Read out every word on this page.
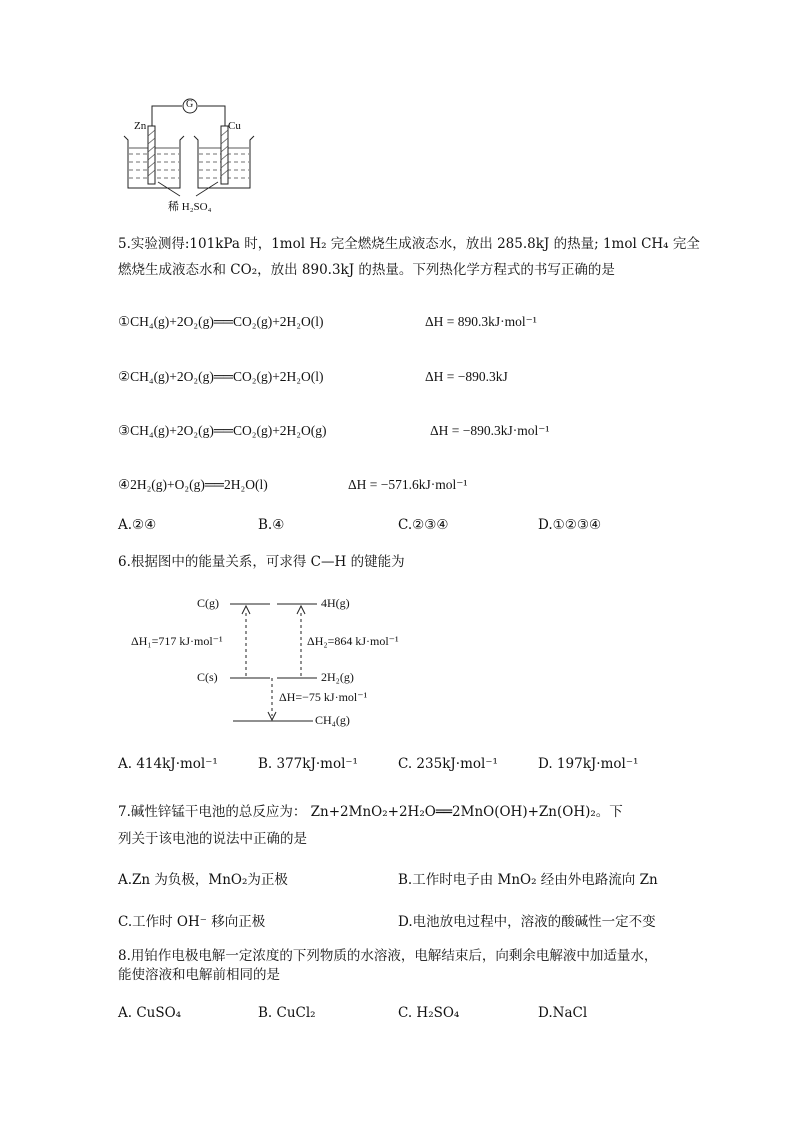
G
Zn	Cu
稀 H₂SO₄
5.实验测得:101kPa 时，1mol H₂ 完全燃烧生成液态水，放出 285.8kJ 的热量; 1mol CH₄ 完全
燃烧生成液态水和 CO₂，放出 890.3kJ 的热量。下列热化学方程式的书写正确的是
①CH₄(g)+2O₂(g)══CO₂(g)+2H₂O(l)	ΔH = 890.3kJ·mol⁻¹
②CH₄(g)+2O₂(g)══CO₂(g)+2H₂O(l)	ΔH = −890.3kJ
③CH₄(g)+2O₂(g)══CO₂(g)+2H₂O(g)	ΔH = −890.3kJ·mol⁻¹
④2H₂(g)+O₂(g)══2H₂O(l)	ΔH = −571.6kJ·mol⁻¹
A.②④	B.④	C.②③④	D.①②③④
6.根据图中的能量关系，可求得 C—H 的键能为
C(g)	4H(g)
ΔH₁=717 kJ·mol⁻¹	ΔH₂=864 kJ·mol⁻¹
C(s)	2H₂(g)
ΔH=−75 kJ·mol⁻¹
CH₄(g)
A. 414kJ·mol⁻¹	B. 377kJ·mol⁻¹	C. 235kJ·mol⁻¹	D. 197kJ·mol⁻¹
7.碱性锌锰干电池的总反应为： Zn+2MnO₂+2H₂O══2MnO(OH)+Zn(OH)₂。下
列关于该电池的说法中正确的是
A.Zn 为负极，MnO₂为正极	B.工作时电子由 MnO₂ 经由外电路流向 Zn
C.工作时 OH⁻ 移向正极	D.电池放电过程中，溶液的酸碱性一定不变
8.用铂作电极电解一定浓度的下列物质的水溶液，电解结束后，向剩余电解液中加适量水，
能使溶液和电解前相同的是
A. CuSO₄	B. CuCl₂	C. H₂SO₄	D.NaCl
